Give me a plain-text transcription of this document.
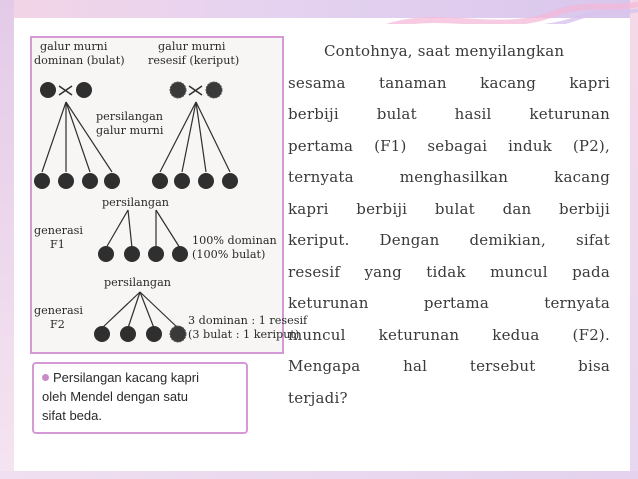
galur murni
dominan (bulat)
galur murni
resesif (keriput)
persilangan
galur murni
persilangan
generasi
F1	100% dominan
(100% bulat)
persilangan
generasi
F2	3 dominan : 1 resesif
(3 bulat : 1 keriput)
Persilangan kacang kapri
oleh Mendel dengan satu
sifat beda.
Contohnya, saat menyilangkan
sesama tanaman kacang kapri
berbiji	bulat	hasil	keturunan
pertama (F1) sebagai induk (P2),
ternyata	menghasilkan	kacang
kapri berbiji bulat dan berbiji
keriput. Dengan demikian, sifat
resesif yang tidak muncul pada
keturunan	pertama	ternyata
muncul keturunan kedua (F2).
Mengapa	hal	tersebut	bisa
terjadi?
